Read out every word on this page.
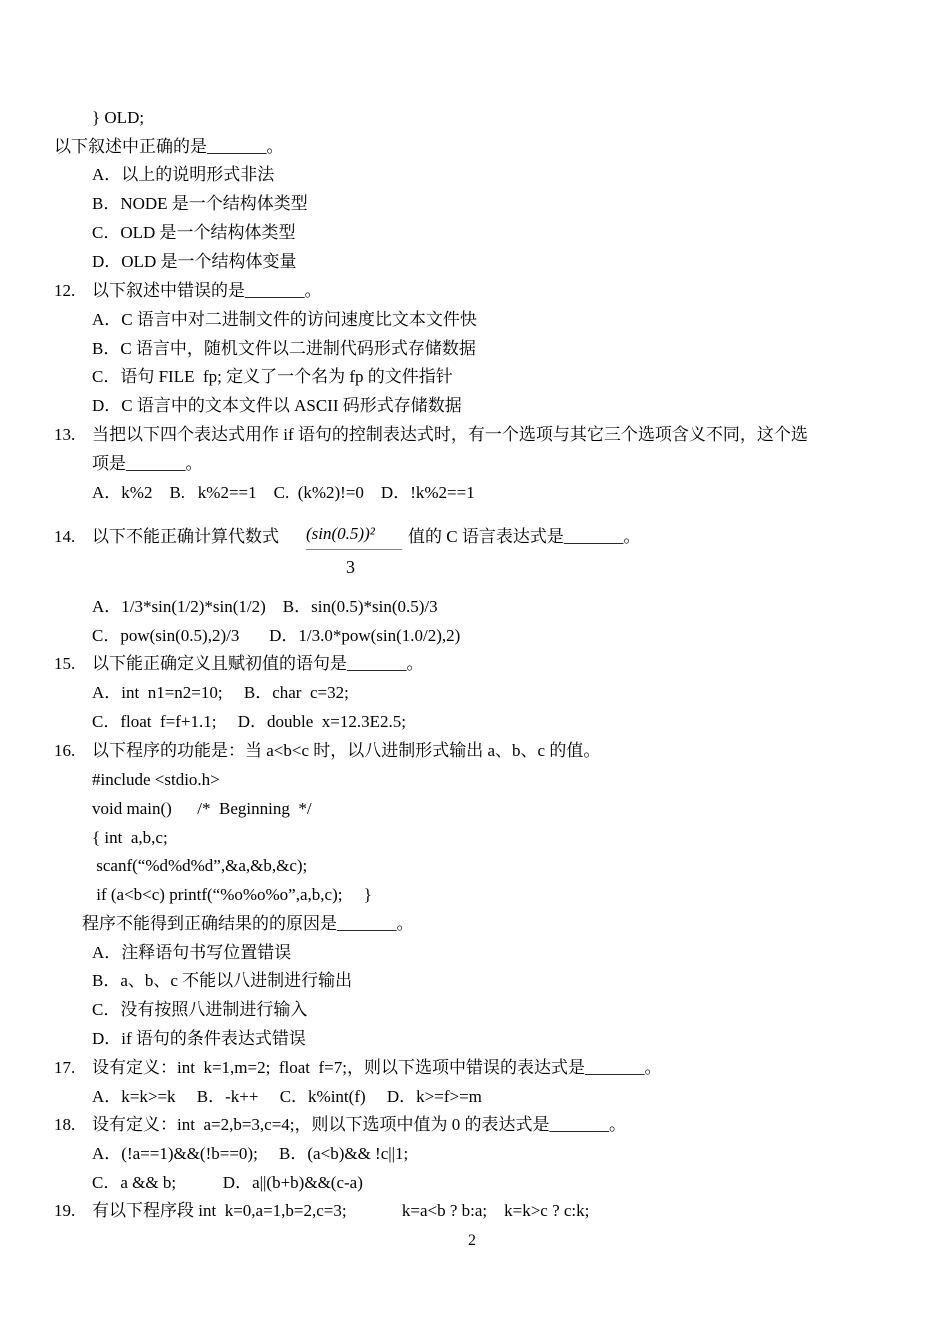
} OLD;
以下叙述中正确的是_______。
A．以上的说明形式非法
B．NODE 是一个结构体类型
C．OLD 是一个结构体类型
D．OLD 是一个结构体变量
12. 以下叙述中错误的是_______。
A．C 语言中对二进制文件的访问速度比文本文件快
B．C 语言中，随机文件以二进制代码形式存储数据
C．语句 FILE  fp; 定义了一个名为 fp 的文件指针
D．C 语言中的文本文件以 ASCII 码形式存储数据
13. 当把以下四个表达式用作 if 语句的控制表达式时，有一个选项与其它三个选项含义不同，这个选
项是_______。
A．k%2    B.   k%2==1    C.  (k%2)!=0    D．!k%2==1
14. 以下不能正确计算代数式 (sin(0.5))²
3
值的 C 语言表达式是_______。
A．1/3*sin(1/2)*sin(1/2)    B．sin(0.5)*sin(0.5)/3
C．pow(sin(0.5),2)/3       D．1/3.0*pow(sin(1.0/2),2)
15. 以下能正确定义且赋初值的语句是_______。
A．int  n1=n2=10;     B．char  c=32;
C．float  f=f+1.1;     D．double  x=12.3E2.5;
16. 以下程序的功能是：当 a<b<c 时，以八进制形式输出 a、b、c 的值。
#include <stdio.h>
void main()      /*  Beginning  */
{ int  a,b,c;
scanf(“%d%d%d”,&a,&b,&c);
if (a<b<c) printf(“%o%o%o”,a,b,c);     }
程序不能得到正确结果的的原因是_______。
A．注释语句书写位置错误
B．a、b、c 不能以八进制进行输出
C．没有按照八进制进行输入
D．if 语句的条件表达式错误
17. 设有定义：int  k=1,m=2;  float  f=7;，则以下选项中错误的表达式是_______。
A．k=k>=k     B．-k++     C．k%int(f)     D．k>=f>=m
18. 设有定义：int  a=2,b=3,c=4;，则以下选项中值为 0 的表达式是_______。
A．(!a==1)&&(!b==0);     B．(a<b)&& !c||1;
C．a && b;           D．a||(b+b)&&(c-a)
19. 有以下程序段 int  k=0,a=1,b=2,c=3;             k=a<b ? b:a;    k=k>c ? c:k;
2
